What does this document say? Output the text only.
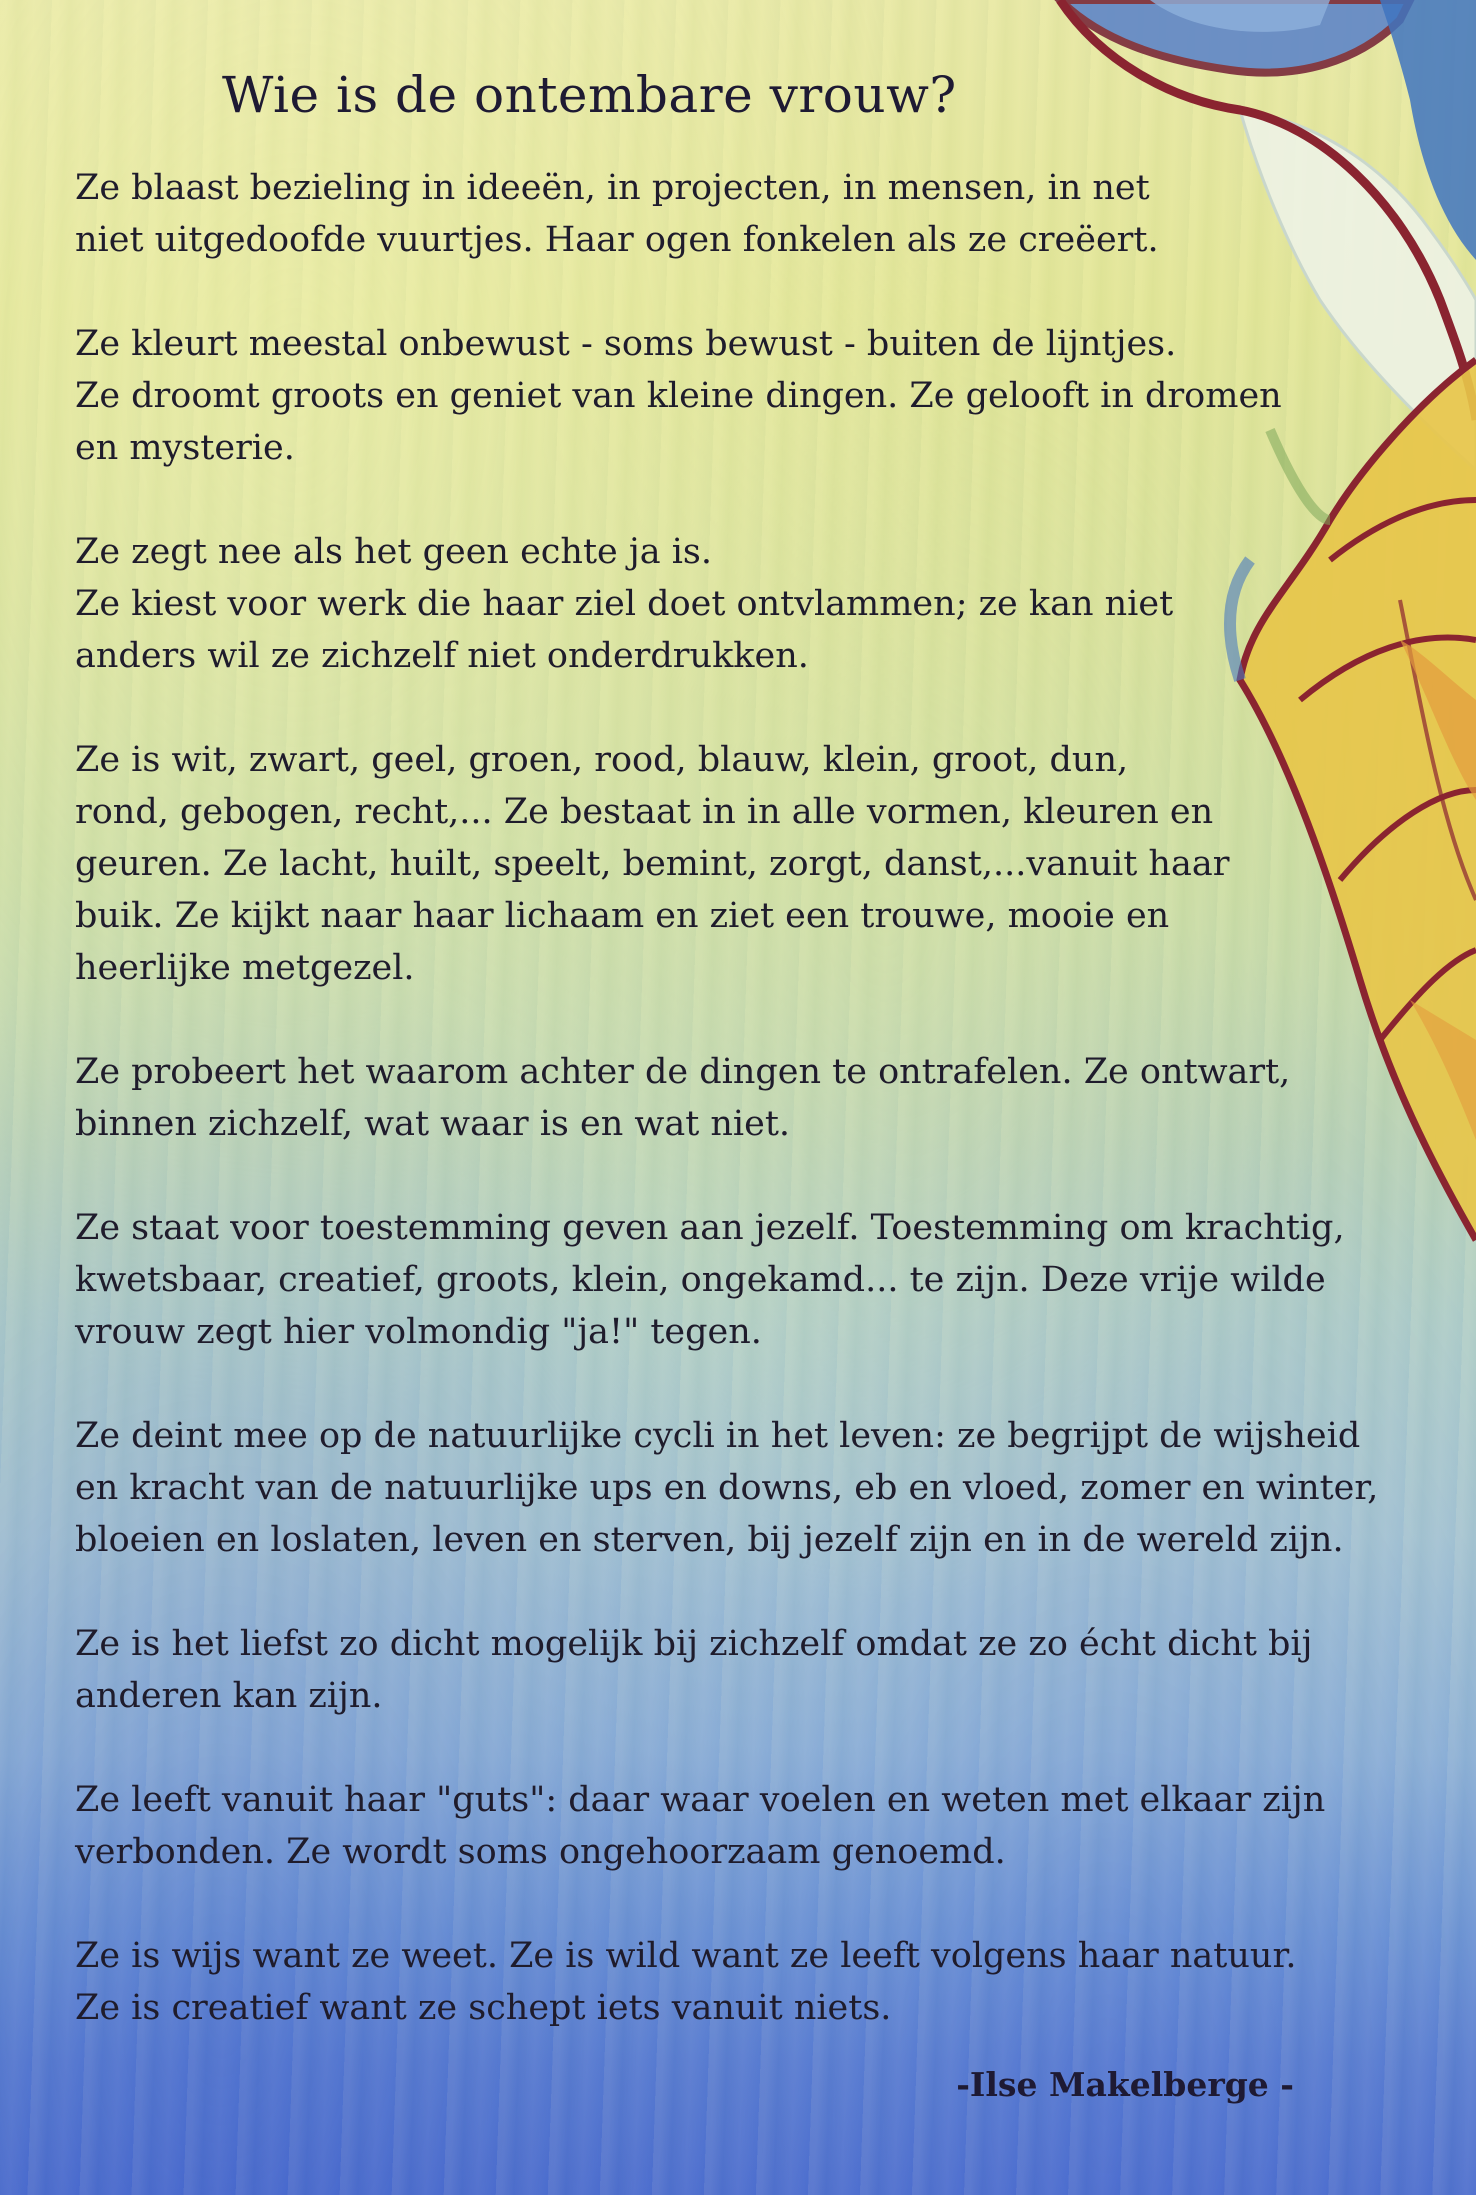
Wie is de ontembare vrouw?
Ze blaast bezieling in ideeën, in projecten, in mensen, in net
niet uitgedoofde vuurtjes. Haar ogen fonkelen als ze creëert.
Ze kleurt meestal onbewust - soms bewust - buiten de lijntjes.
Ze droomt groots en geniet van kleine dingen. Ze gelooft in dromen
en mysterie.
Ze zegt nee als het geen echte ja is.
Ze kiest voor werk die haar ziel doet ontvlammen; ze kan niet
anders wil ze zichzelf niet onderdrukken.
Ze is wit, zwart, geel, groen, rood, blauw, klein, groot, dun,
rond, gebogen, recht,... Ze bestaat in in alle vormen, kleuren en
geuren. Ze lacht, huilt, speelt, bemint, zorgt, danst,...vanuit haar
buik. Ze kijkt naar haar lichaam en ziet een trouwe, mooie en
heerlijke metgezel.
Ze probeert het waarom achter de dingen te ontrafelen. Ze ontwart,
binnen zichzelf, wat waar is en wat niet.
Ze staat voor toestemming geven aan jezelf. Toestemming om krachtig,
kwetsbaar, creatief, groots, klein, ongekamd... te zijn. Deze vrije wilde
vrouw zegt hier volmondig "ja!" tegen.
Ze deint mee op de natuurlijke cycli in het leven: ze begrijpt de wijsheid
en kracht van de natuurlijke ups en downs, eb en vloed, zomer en winter,
bloeien en loslaten, leven en sterven, bij jezelf zijn en in de wereld zijn.
Ze is het liefst zo dicht mogelijk bij zichzelf omdat ze zo écht dicht bij
anderen kan zijn.
Ze leeft vanuit haar "guts": daar waar voelen en weten met elkaar zijn
verbonden. Ze wordt soms ongehoorzaam genoemd.
Ze is wijs want ze weet. Ze is wild want ze leeft volgens haar natuur.
Ze is creatief want ze schept iets vanuit niets.

-Ilse Makelberge -
